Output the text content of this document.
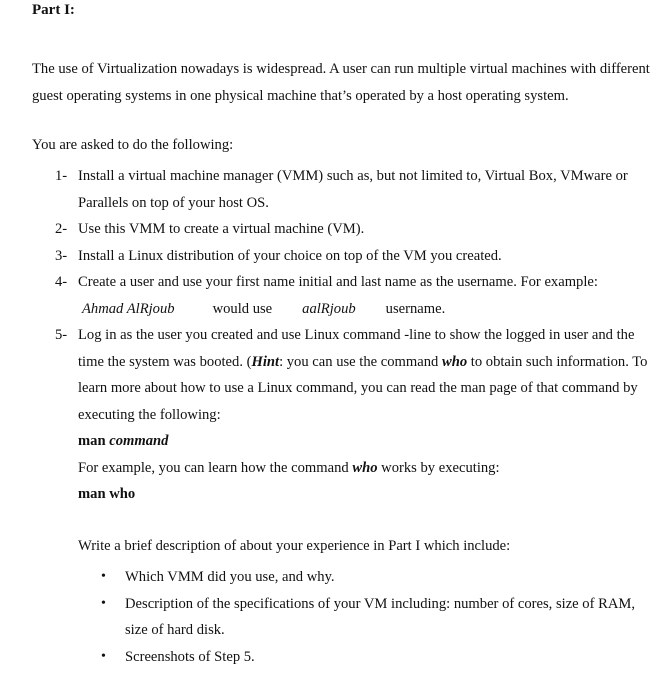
Part I:

The use of Virtualization nowadays is widespread. A user can run multiple virtual machines with different guest operating systems in one physical machine that’s operated by a host operating system.

You are asked to do the following:

1- Install a virtual machine manager (VMM) such as, but not limited to, Virtual Box, VMware or Parallels on top of your host OS.
2- Use this VMM to create a virtual machine (VM).
3- Install a Linux distribution of your choice on top of the VM you created.
4- Create a user and use your first name initial and last name as the username. For example:
Ahmad AlRjoub	would use aalRjoub username.
5- Log in as the user you created and use Linux command -line to show the logged in user and the time the system was booted. (Hint: you can use the command who to obtain such information. To learn more about how to use a Linux command, you can read the man page of that command by executing the following:
man command
For example, you can learn how the command who works by executing:
man who

Write a brief description of about your experience in Part I which include:

• Which VMM did you use, and why.
• Description of the specifications of your VM including: number of cores, size of RAM, size of hard disk.
• Screenshots of Step 5.
